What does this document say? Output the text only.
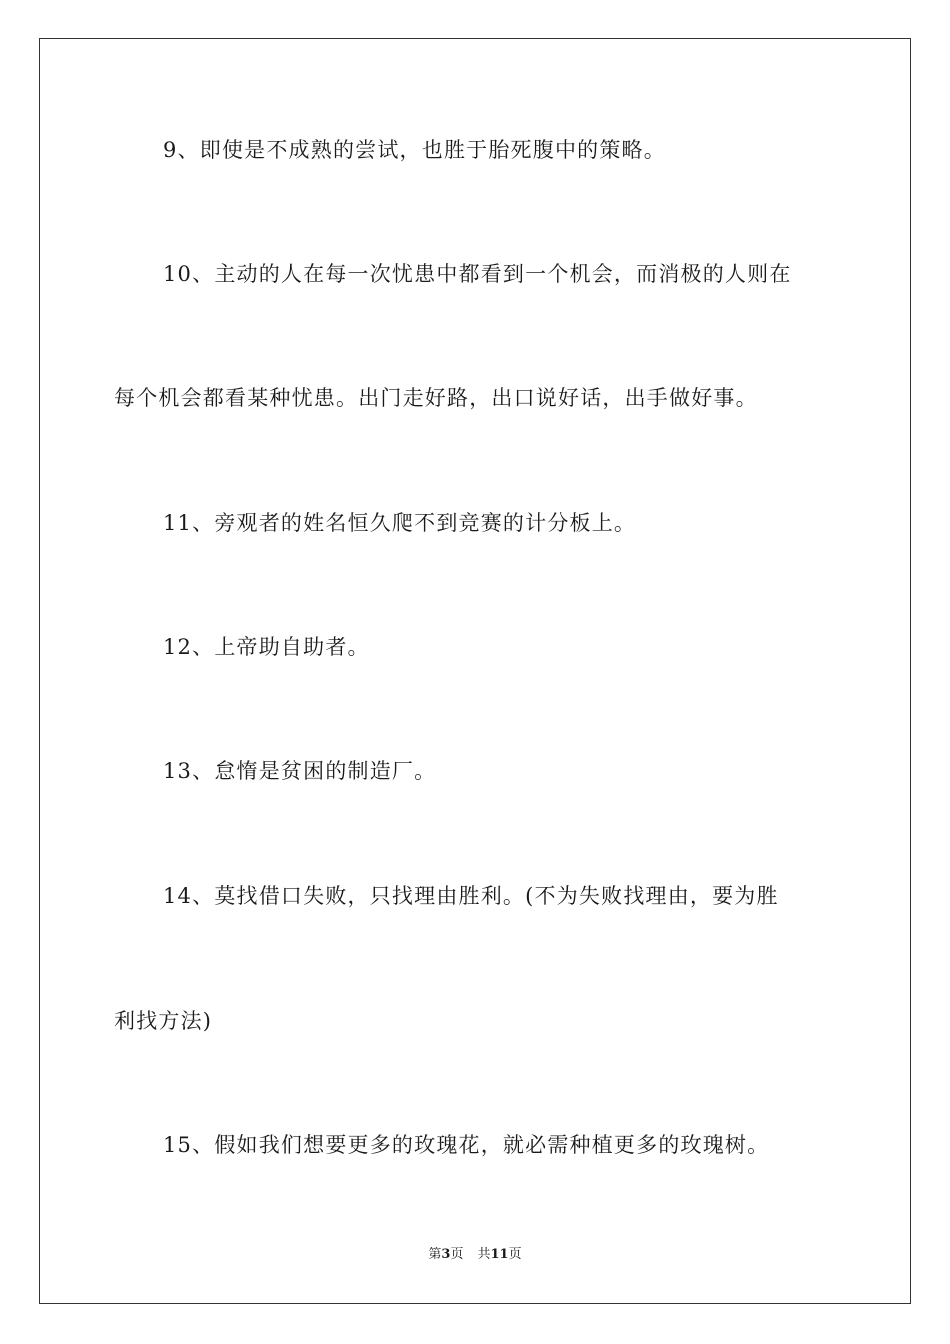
9、即使是不成熟的尝试，也胜于胎死腹中的策略。
10、主动的人在每一次忧患中都看到一个机会，而消极的人则在
每个机会都看某种忧患。出门走好路，出口说好话，出手做好事。
11、旁观者的姓名恒久爬不到竞赛的计分板上。
12、上帝助自助者。
13、怠惰是贫困的制造厂。
14、莫找借口失败，只找理由胜利。(不为失败找理由，要为胜
利找方法)
15、假如我们想要更多的玫瑰花，就必需种植更多的玫瑰树。
第3页 共11页
